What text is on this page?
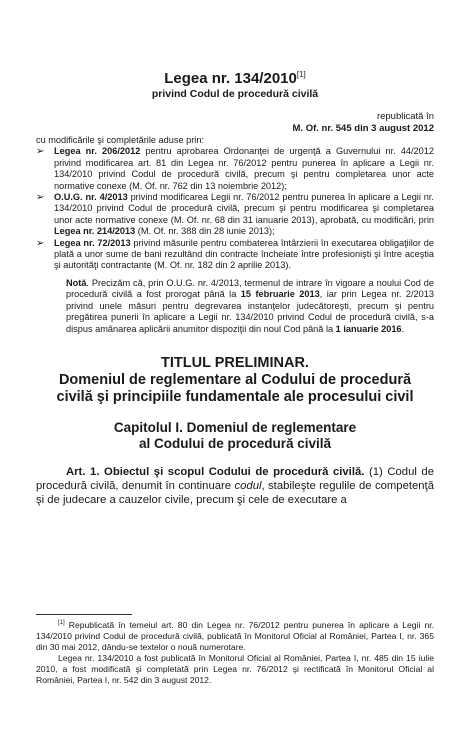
Legea nr. 134/2010[1]
privind Codul de procedură civilă
republicată în
M. Of. nr. 545 din 3 august 2012
cu modificările şi completările aduse prin:
➢ Legea nr. 206/2012 pentru aprobarea Ordonanţei de urgenţă a Guvernului nr. 44/2012 privind modificarea art. 81 din Legea nr. 76/2012 pentru punerea în aplicare a Legii nr. 134/2010 privind Codul de procedură civilă, precum şi pentru completarea unor acte normative conexe (M. Of. nr. 762 din 13 noiembrie 2012);
➢ O.U.G. nr. 4/2013 privind modificarea Legii nr. 76/2012 pentru punerea în aplicare a Legii nr. 134/2010 privind Codul de procedură civilă, precum şi pentru modificarea şi completarea unor acte normative conexe (M. Of. nr. 68 din 31 ianuarie 2013), aprobată, cu modificări, prin Legea nr. 214/2013 (M. Of. nr. 388 din 28 iunie 2013);
➢ Legea nr. 72/2013 privind măsurile pentru combaterea întârzierii în executarea obligaţiilor de plată a unor sume de bani rezultând din contracte încheiate între profesionişti şi între aceştia şi autorităţi contractante (M. Of. nr. 182 din 2 aprilie 2013).
Notă. Precizăm că, prin O.U.G. nr. 4/2013, termenul de intrare în vigoare a noului Cod de procedură civilă a fost prorogat până la 15 februarie 2013, iar prin Legea nr. 2/2013 privind unele măsuri pentru degrevarea instanţelor judecătoreşti, precum şi pentru pregătirea punerii în aplicare a Legii nr. 134/2010 privind Codul de procedură civilă, s-a dispus amânarea aplicării anumitor dispoziţii din noul Cod până la 1 ianuarie 2016.
TITLUL PRELIMINAR.
Domeniul de reglementare al Codului de procedură
civilă şi principiile fundamentale ale procesului civil
Capitolul I. Domeniul de reglementare
al Codului de procedură civilă
Art. 1. Obiectul şi scopul Codului de procedură civilă. (1) Codul de procedură civilă, denumit în continuare codul, stabileşte regulile de competenţă şi de judecare a cauzelor civile, precum şi cele de executare a
[1] Republicată în temeiul art. 80 din Legea nr. 76/2012 pentru punerea în aplicare a Legii nr. 134/2010 privind Codul de procedură civilă, publicată în Monitorul Oficial al României, Partea I, nr. 365 din 30 mai 2012, dându-se textelor o nouă numerotare.
Legea nr. 134/2010 a fost publicată în Monitorul Oficial al României, Partea I, nr. 485 din 15 iulie 2010, a fost modificată şi completată prin Legea nr. 76/2012 şi rectificată în Monitorul Oficial al României, Partea I, nr. 542 din 3 august 2012.
